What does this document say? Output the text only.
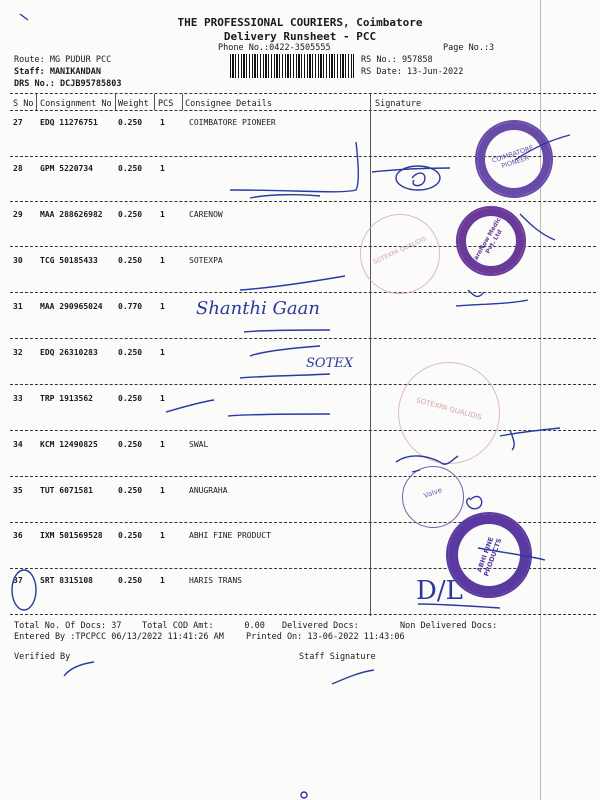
THE PROFESSIONAL COURIERS, Coimbatore
Delivery Runsheet - PCC
Phone No.:0422-3505555	Page No.:3
Route: MG PUDUR PCC
Staff: MANIKANDAN
DRS No.: DCJB95785803
RS No.: 957858
RS Date: 13-Jun-2022
S No Consignment No Weight PCS Consignee Details	Signature
27 EDQ 11276751	0.250 1	COIMBATORE PIONEER
28 GPM 5220734	0.250 1
29 MAA 288626982 0.250 1	CARENOW
30 TCG 50185433	0.250 1	SOTEXPA
31 MAA 290965024 0.770 1
32 EDQ 26310283	0.250 1
33 TRP 1913562	0.250 1
34 KCM 12490825	0.250 1	SWAL
35 TUT 6071581	0.250 1	ANUGRAHA
36 IXM 501569528 0.250 1	ABHI FINE PRODUCT
37 SRT 8315108	0.250 1	HARIS TRANS
COIMBATORE PIONEER
CareNow Medical Pvt. Ltd
SOTEXPA QUALIDIS
SOTEXPA QUALIDIS
Valve
ABHI FINE PRODUCTS
Shanthi Gaan
SOTEX
D/L
Total No. Of Docs: 37 Total COD Amt:      0.00 Delivered Docs:	Non Delivered Docs:
Entered By :TPCPCC 06/13/2022 11:41:26 AM	Printed On: 13-06-2022 11:43:06
Verified By	Staff Signature
